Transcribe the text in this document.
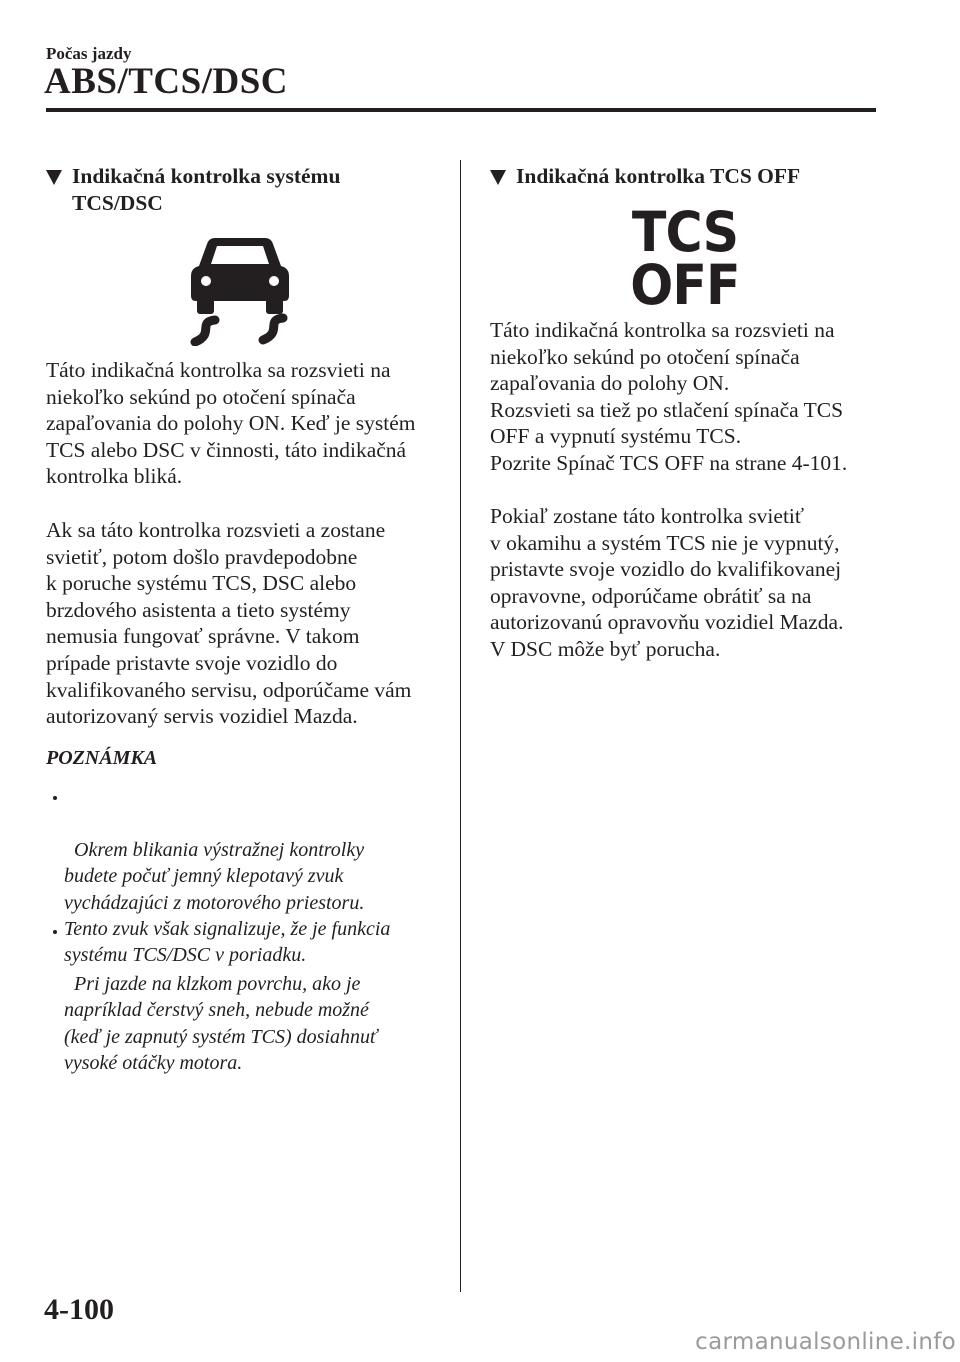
Počas jazdy
ABS/TCS/DSC
Indikačná kontrolka systému
TCS/DSC
Táto indikačná kontrolka sa rozsvieti na
niekoľko sekúnd po otočení spínača
zapaľovania do polohy ON. Keď je systém
TCS alebo DSC v činnosti, táto indikačná
kontrolka bliká.
Ak sa táto kontrolka rozsvieti a zostane
svietiť, potom došlo pravdepodobne
k poruche systému TCS, DSC alebo
brzdového asistenta a tieto systémy
nemusia fungovať správne. V takom
prípade pristavte svoje vozidlo do
kvalifikovaného servisu, odporúčame vám
autorizovaný servis vozidiel Mazda.
POZNÁMKA

Okrem blikania výstražnej kontrolky
budete počuť jemný klepotavý zvuk
vychádzajúci z motorového priestoru.
Tento zvuk však signalizuje, že je funkcia
systému TCS/DSC v poriadku.

Pri jazde na klzkom povrchu, ako je
napríklad čerstvý sneh, nebude možné
(keď je zapnutý systém TCS) dosiahnuť
vysoké otáčky motora.

Indikačná kontrolka TCS OFF
TCS
OFF
Táto indikačná kontrolka sa rozsvieti na
niekoľko sekúnd po otočení spínača
zapaľovania do polohy ON.
Rozsvieti sa tiež po stlačení spínača TCS
OFF a vypnutí systému TCS.
Pozrite Spínač TCS OFF na strane 4-101.
Pokiaľ zostane táto kontrolka svietiť
v okamihu a systém TCS nie je vypnutý,
pristavte svoje vozidlo do kvalifikovanej
opravovne, odporúčame obrátiť sa na
autorizovanú opravovňu vozidiel Mazda.
V DSC môže byť porucha.
4-100
carmanualsonline.info
